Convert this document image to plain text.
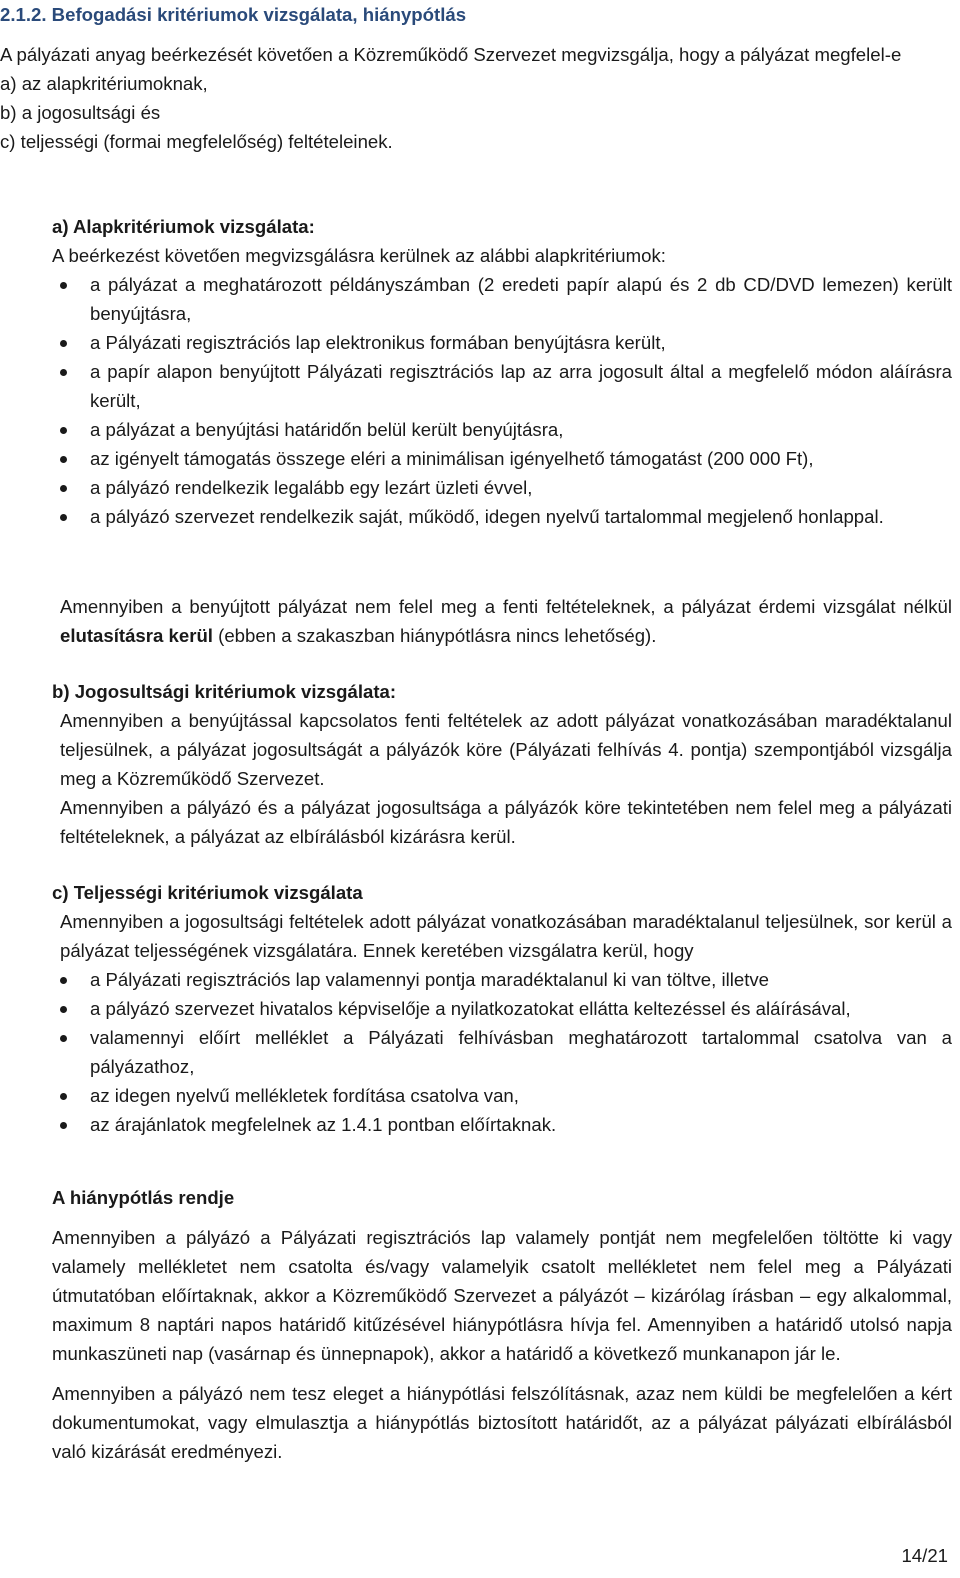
2.1.2. Befogadási kritériumok vizsgálata, hiánypótlás

A pályázati anyag beérkezését követően a Közreműködő Szervezet megvizsgálja, hogy a pályázat megfelel-e

a) az alapkritériumoknak,
b) a jogosultsági és
c) teljességi (formai megfelelőség) feltételeinek.
a) Alapkritériumok vizsgálata:
A beérkezést követően megvizsgálásra kerülnek az alábbi alapkritériumok:
a pályázat a meghatározott példányszámban (2 eredeti papír alapú és 2 db CD/DVD lemezen) került benyújtásra,
a Pályázati regisztrációs lap elektronikus formában benyújtásra került,
a papír alapon benyújtott Pályázati regisztrációs lap az arra jogosult által a megfelelő módon aláírásra került,
a pályázat a benyújtási határidőn belül került benyújtásra,
az igényelt támogatás összege eléri a minimálisan igényelhető támogatást (200 000 Ft),
a pályázó rendelkezik legalább egy lezárt üzleti évvel,
a pályázó szervezet rendelkezik saját, működő, idegen nyelvű tartalommal megjelenő honlappal.

Amennyiben a benyújtott pályázat nem felel meg a fenti feltételeknek, a pályázat érdemi vizsgálat nélkül elutasításra kerül (ebben a szakaszban hiánypótlásra nincs lehetőség).

b) Jogosultsági kritériumok vizsgálata:

Amennyiben a benyújtással kapcsolatos fenti feltételek az adott pályázat vonatkozásában maradéktalanul teljesülnek, a pályázat jogosultságát a pályázók köre (Pályázati felhívás 4. pontja) szempontjából vizsgálja meg a Közreműködő Szervezet.

Amennyiben a pályázó és a pályázat jogosultsága a pályázók köre tekintetében nem felel meg a pályázati feltételeknek, a pályázat az elbírálásból kizárásra kerül.

c) Teljességi kritériumok vizsgálata

Amennyiben a jogosultsági feltételek adott pályázat vonatkozásában maradéktalanul teljesülnek, sor kerül a pályázat teljességének vizsgálatára. Ennek keretében vizsgálatra kerül, hogy

a Pályázati regisztrációs lap valamennyi pontja maradéktalanul ki van töltve, illetve
a pályázó szervezet hivatalos képviselője a nyilatkozatokat ellátta keltezéssel és aláírásával,
valamennyi előírt melléklet a Pályázati felhívásban meghatározott tartalommal csatolva van a pályázathoz,
az idegen nyelvű mellékletek fordítása csatolva van,
az árajánlatok megfelelnek az 1.4.1 pontban előírtaknak.
A hiánypótlás rendje

Amennyiben a pályázó a Pályázati regisztrációs lap valamely pontját nem megfelelően töltötte ki vagy valamely mellékletet nem csatolta és/vagy valamelyik csatolt mellékletet nem felel meg a Pályázati útmutatóban előírtaknak, akkor a Közreműködő Szervezet a pályázót – kizárólag írásban – egy alkalommal, maximum 8 naptári napos határidő kitűzésével hiánypótlásra hívja fel. Amennyiben a határidő utolsó napja munkaszüneti nap (vasárnap és ünnepnapok), akkor a határidő a következő munkanapon jár le.

Amennyiben a pályázó nem tesz eleget a hiánypótlási felszólításnak, azaz nem küldi be megfelelően a kért dokumentumokat, vagy elmulasztja a hiánypótlás biztosított határidőt, az a pályázat pályázati elbírálásból való kizárását eredményezi.

14/21
